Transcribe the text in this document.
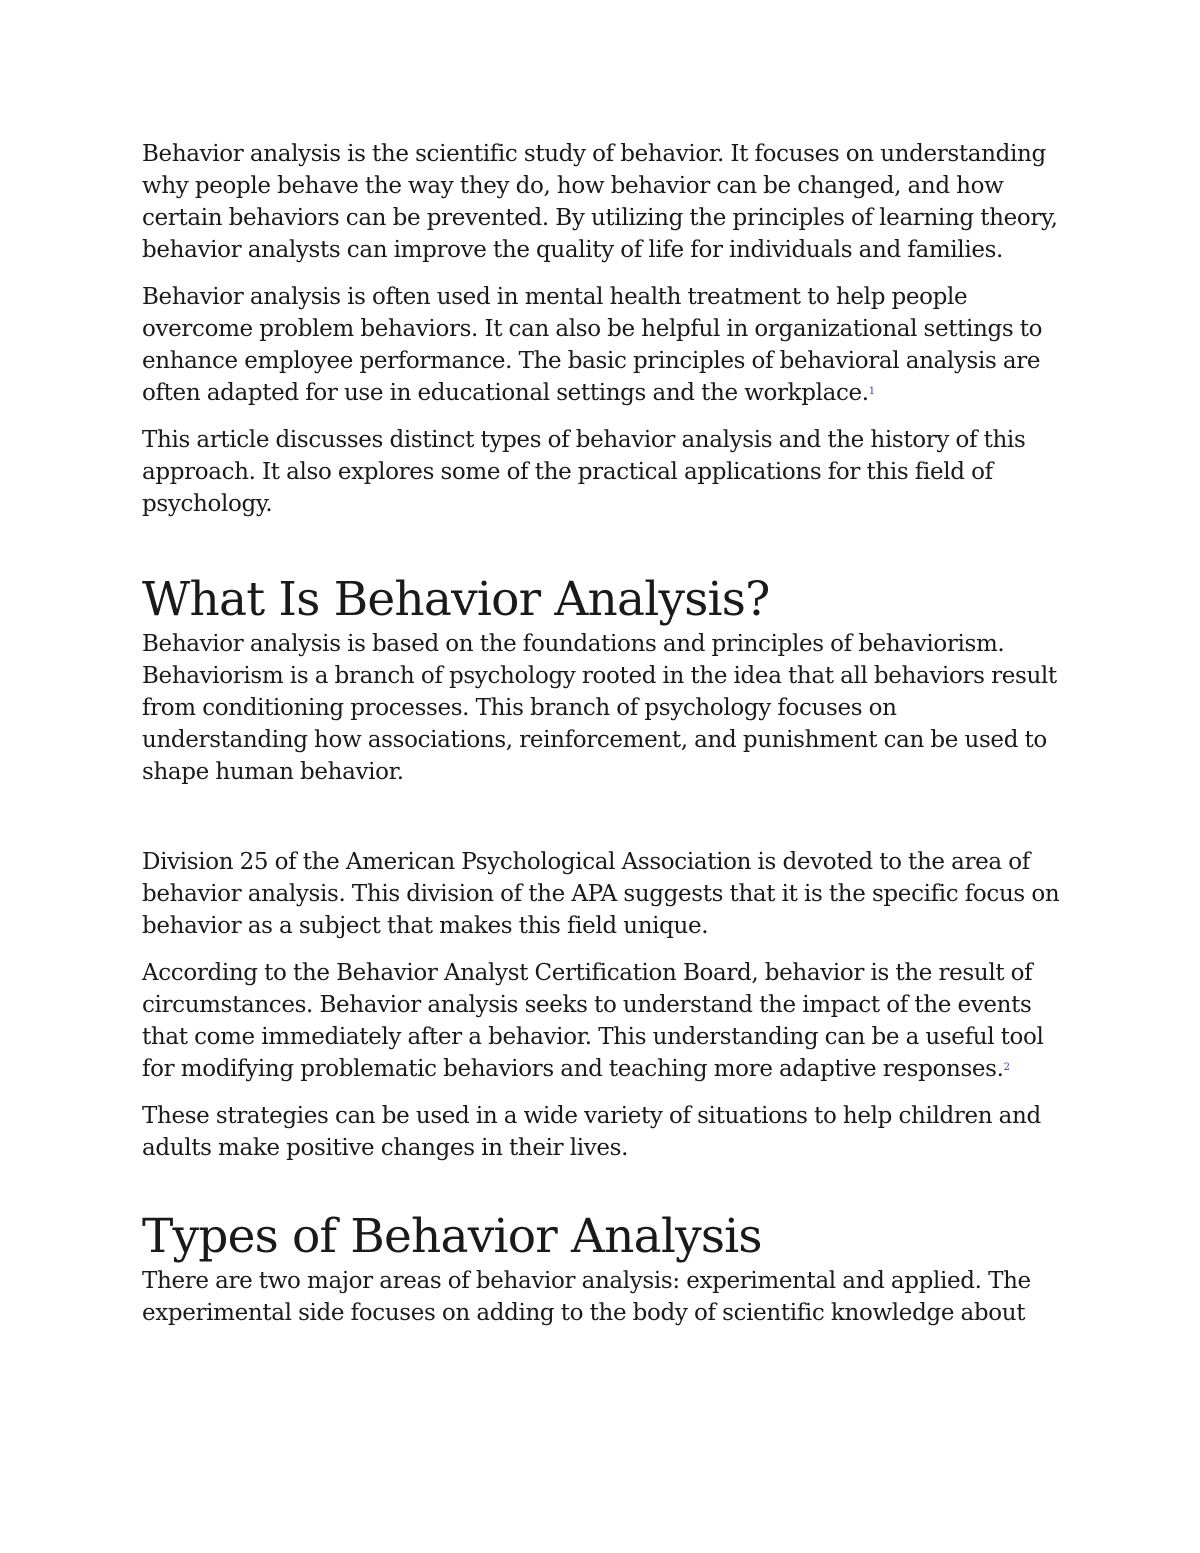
Behavior analysis is the scientific study of behavior. It focuses on understanding why people behave the way they do, how behavior can be changed, and how certain behaviors can be prevented. By utilizing the principles of learning theory, behavior analysts can improve the quality of life for individuals and families.

Behavior analysis is often used in mental health treatment to help people overcome problem behaviors. It can also be helpful in organizational settings to enhance employee performance. The basic principles of behavioral analysis are often adapted for use in educational settings and the workplace.$^1$

This article discusses distinct types of behavior analysis and the history of this approach. It also explores some of the practical applications for this field of psychology.

What Is Behavior Analysis?

Behavior analysis is based on the foundations and principles of behaviorism. Behaviorism is a branch of psychology rooted in the idea that all behaviors result from conditioning processes. This branch of psychology focuses on understanding how associations, reinforcement, and punishment can be used to shape human behavior.

Division 25 of the American Psychological Association is devoted to the area of behavior analysis. This division of the APA suggests that it is the specific focus on behavior as a subject that makes this field unique.

According to the Behavior Analyst Certification Board, behavior is the result of circumstances. Behavior analysis seeks to understand the impact of the events that come immediately after a behavior. This understanding can be a useful tool for modifying problematic behaviors and teaching more adaptive responses.$^2$

These strategies can be used in a wide variety of situations to help children and adults make positive changes in their lives.

Types of Behavior Analysis

There are two major areas of behavior analysis: experimental and applied. The experimental side focuses on adding to the body of scientific knowledge about
